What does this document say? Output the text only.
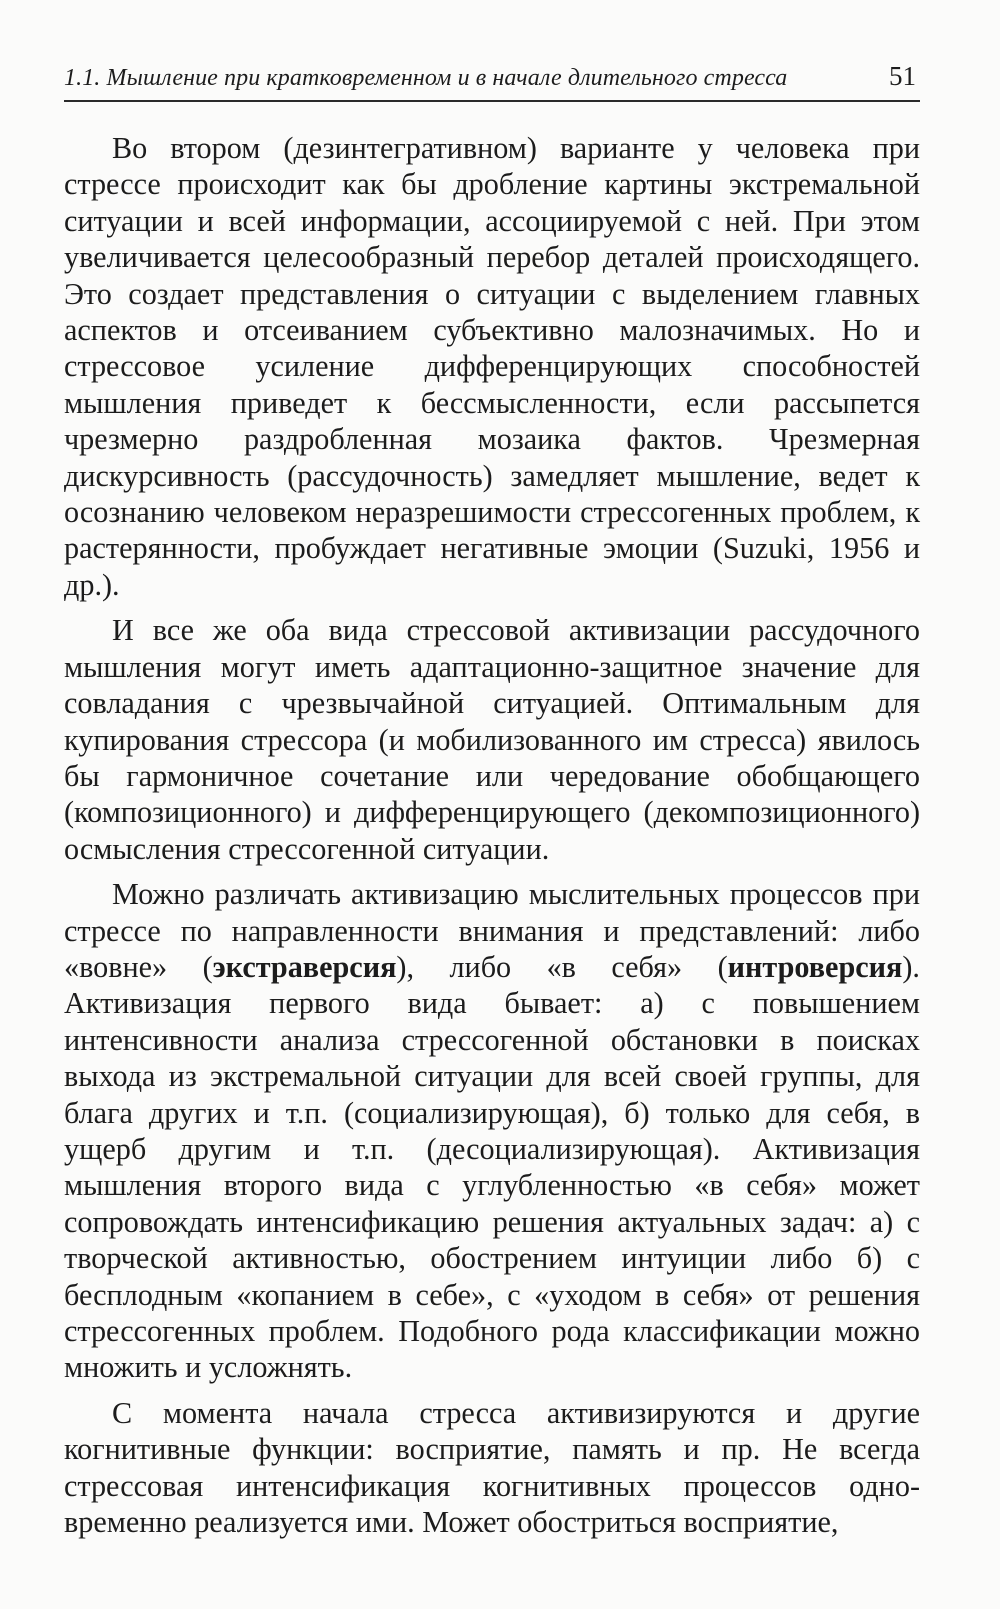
1.1. Мышление при кратковременном и в начале длительного стресса	51

Во втором (дезинтегративном) варианте у человека при стрессе происходит как бы дробление картины экстремальной ситуации и всей информации, ассоциируемой с ней. При этом увеличивается целесообразный перебор деталей происходящего. Это создает представления о ситуации с выделением главных аспектов и отсеиванием субъективно малозначимых. Но и стрессовое усиление дифференцирующих способностей мышления приведет к бессмысленности, если рассыпется чрезмерно раздробленная мозаика фактов. Чрезмерная дискурсивность (рассудочность) замедляет мышление, ведет к осознанию человеком неразрешимости стрессогенных проблем, к растерянности, пробуждает негативные эмоции (Suzuki, 1956 и др.).

И все же оба вида стрессовой активизации рассудочного мышления могут иметь адаптационно-защитное значение для совладания с чрезвычайной ситуацией. Оптимальным для купирования стрессора (и мобилизованного им стресса) явилось бы гармоничное сочетание или чередование обобщающего (композиционного) и дифференцирующего (декомпозиционного) осмысления стрессогенной ситуации.

Можно различать активизацию мыслительных процессов при стрессе по направленности внимания и представлений: либо «вовне» (экстраверсия), либо «в себя» (интроверсия). Активизация первого вида бывает: а) с повышением интенсивности анализа стрессогенной обстановки в поисках выхода из экстремальной ситуации для всей своей группы, для блага других и т.п. (социализирующая), б) только для себя, в ущерб другим и т.п. (десоциализирующая). Активизация мышления второго вида с углубленностью «в себя» может сопровождать интенсификацию решения актуальных задач: а) с творческой активностью, обострением интуиции либо б) с бесплодным «копанием в себе», с «уходом в себя» от решения стрессогенных проблем. Подобного рода классификации можно множить и усложнять.

С момента начала стресса активизируются и другие когнитивные функции: восприятие, память и пр. Не всегда стрессовая интенсификация когнитивных процессов одновременно реализуется ими. Может обостриться восприятие,
